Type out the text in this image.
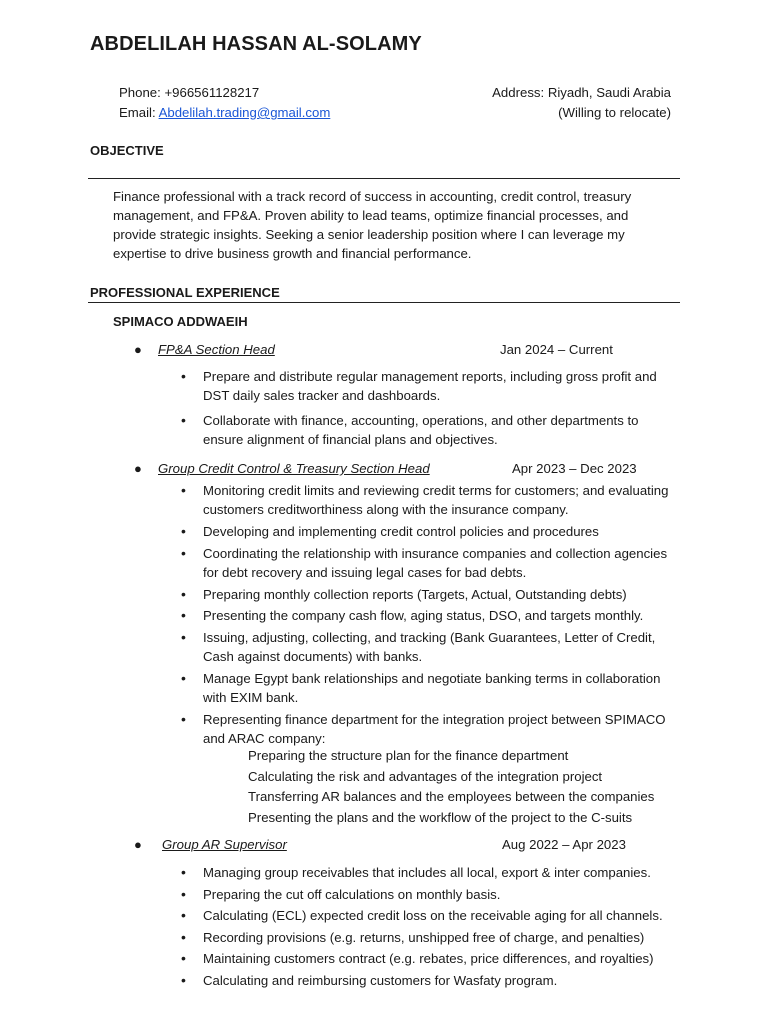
ABDELILAH HASSAN AL-SOLAMY
Phone: +966561128217
Email: Abdelilah.trading@gmail.com
Address: Riyadh, Saudi Arabia
(Willing to relocate)
OBJECTIVE
Finance professional with a track record of success in accounting, credit control, treasury management, and FP&A. Proven ability to lead teams, optimize financial processes, and provide strategic insights. Seeking a senior leadership position where I can leverage my expertise to drive business growth and financial performance.
PROFESSIONAL EXPERIENCE
SPIMACO ADDWAEIH
● FP&A Section Head	Jan 2024 – Current
• Prepare and distribute regular management reports, including gross profit and DST daily sales tracker and dashboards.
• Collaborate with finance, accounting, operations, and other departments to ensure alignment of financial plans and objectives.
● Group Credit Control & Treasury Section Head	Apr 2023 – Dec 2023
• Monitoring credit limits and reviewing credit terms for customers; and evaluating customers creditworthiness along with the insurance company.
• Developing and implementing credit control policies and procedures
• Coordinating the relationship with insurance companies and collection agencies for debt recovery and issuing legal cases for bad debts.
• Preparing monthly collection reports (Targets, Actual, Outstanding debts)
• Presenting the company cash flow, aging status, DSO, and targets monthly.
• Issuing, adjusting, collecting, and tracking (Bank Guarantees, Letter of Credit, Cash against documents) with banks.
• Manage Egypt bank relationships and negotiate banking terms in collaboration with EXIM bank.
• Representing finance department for the integration project between SPIMACO and ARAC company:
Preparing the structure plan for the finance department
Calculating the risk and advantages of the integration project
Transferring AR balances and the employees between the companies
Presenting the plans and the workflow of the project to the C-suits
● Group AR Supervisor	Aug 2022 – Apr 2023
• Managing group receivables that includes all local, export & inter companies.
• Preparing the cut off calculations on monthly basis.
• Calculating (ECL) expected credit loss on the receivable aging for all channels.
• Recording provisions (e.g. returns, unshipped free of charge, and penalties)
• Maintaining customers contract (e.g. rebates, price differences, and royalties)
• Calculating and reimbursing customers for Wasfaty program.
